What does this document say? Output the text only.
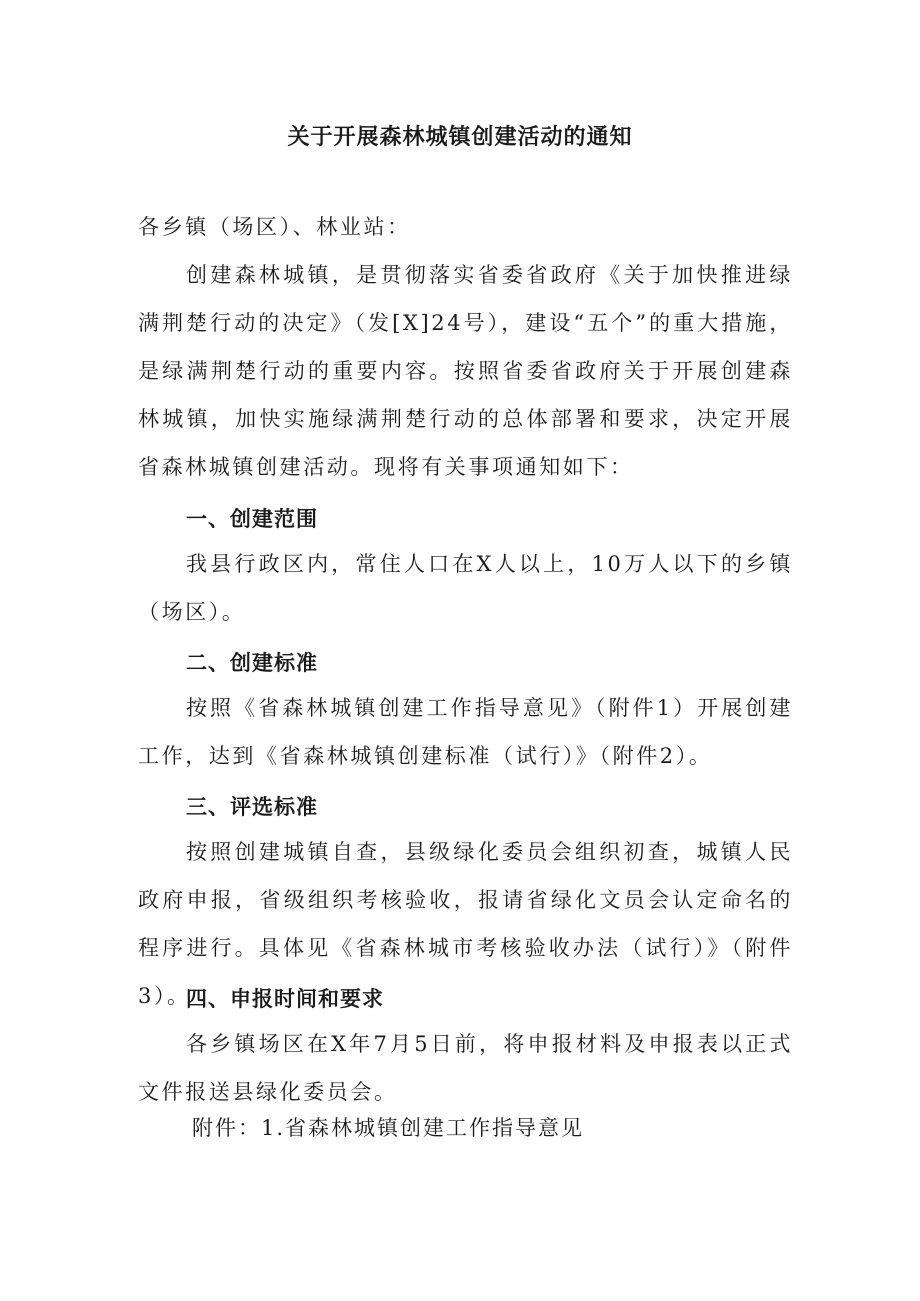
关于开展森林城镇创建活动的通知
各乡镇（场区）、林业站：
创建森林城镇，是贯彻落实省委省政府《关于加快推进绿满荆楚行动的决定》（发[X]24号），建设“五个”的重大措施，是绿满荆楚行动的重要内容。按照省委省政府关于开展创建森林城镇，加快实施绿满荆楚行动的总体部署和要求，决定开展省森林城镇创建活动。现将有关事项通知如下：
一、创建范围
我县行政区内，常住人口在X人以上，10万人以下的乡镇（场区）。
二、创建标准
按照《省森林城镇创建工作指导意见》（附件1）开展创建工作，达到《省森林城镇创建标准（试行）》（附件2）。
三、评选标准
按照创建城镇自查，县级绿化委员会组织初查，城镇人民政府申报，省级组织考核验收，报请省绿化文员会认定命名的程序进行。具体见《省森林城市考核验收办法（试行）》（附件3）。
四、申报时间和要求
各乡镇场区在X年7月5日前，将申报材料及申报表以正式文件报送县绿化委员会。
附件：1.省森林城镇创建工作指导意见
